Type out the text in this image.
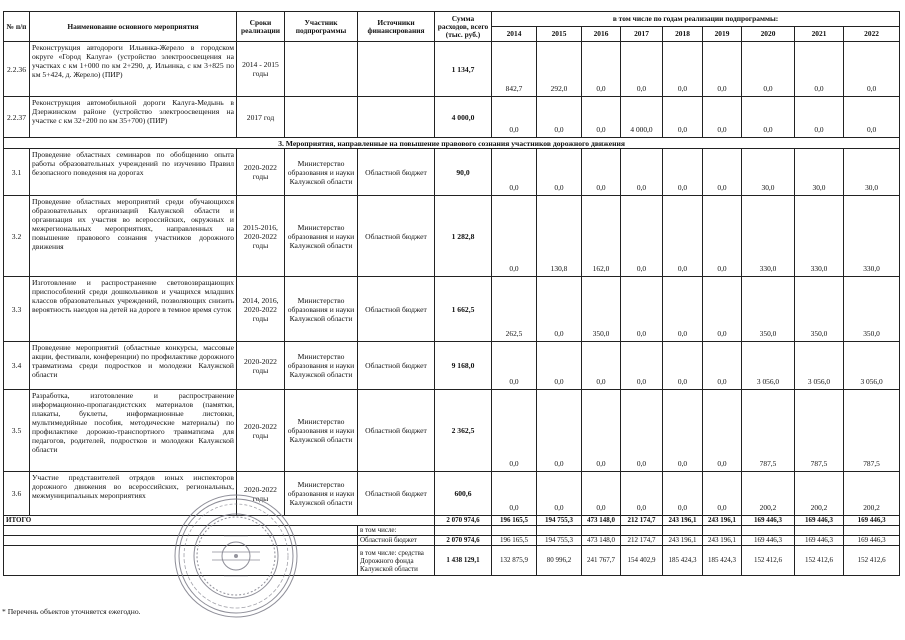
№ п/п	Наименование основного мероприятия	Сроки реализации	Участник подпрограммы	Источники финансирования	Сумма расходов, всего (тыс. руб.)	в том числе по годам реализации подпрограммы:								
						2014	2015	2016	2017	2018	2019	2020	2021	2022
2.2.36	Реконструкция автодороги Ильинка-Жерело в городском округе «Город Калуга» (устройство электроосвещения на участках с км 1+000 по км 2+290, д. Ильинка, с км 3+825 по км 5+424, д. Жерело) (ПИР)	2014 - 2015 годы			1 134,7	842,7	292,0	0,0	0,0	0,0	0,0	0,0	0,0	0,0
2.2.37	Реконструкция автомобильной дороги Калуга-Медынь в Дзержинском районе (устройство электроосвещения на участке с км 32+200 по км 35+700) (ПИР)	2017 год			4 000,0	0,0	0,0	0,0	4 000,0	0,0	0,0	0,0	0,0	0,0
3. Мероприятия, направленные на повышение правового сознания участников дорожного движения														
3.1	Проведение областных семинаров по обобщению опыта работы образовательных учреждений по изучению Правил безопасного поведения на дорогах	2020-2022 годы	Министерство образования и науки Калужской области	Областной бюджет	90,0	0,0	0,0	0,0	0,0	0,0	0,0	30,0	30,0	30,0
3.2	Проведение областных мероприятий среди обучающихся образовательных организаций Калужской области и организация их участия во всероссийских, окружных и межрегиональных мероприятиях, направленных на повышение правового сознания участников дорожного движения	2015-2016, 2020-2022 годы	Министерство образования и науки Калужской области	Областной бюджет	1 282,8	0,0	130,8	162,0	0,0	0,0	0,0	330,0	330,0	330,0
3.3	Изготовление и распространение световозвращающих приспособлений среди дошкольников и учащихся младших классов образовательных учреждений, позволяющих снизить вероятность наездов на детей на дороге в темное время суток	2014, 2016, 2020-2022 годы	Министерство образования и науки Калужской области	Областной бюджет	1 662,5	262,5	0,0	350,0	0,0	0,0	0,0	350,0	350,0	350,0
3.4	Проведение мероприятий (областные конкурсы, массовые акции, фестивали, конференции) по профилактике дорожного травматизма среди подростков и молодежи Калужской области	2020-2022 годы	Министерство образования и науки Калужской области	Областной бюджет	9 168,0	0,0	0,0	0,0	0,0	0,0	0,0	3 056,0	3 056,0	3 056,0
3.5	Разработка, изготовление и распространение информационно-пропагандистских материалов (памятки, плакаты, буклеты, информационные листовки, мультимедийные пособия, методические материалы) по профилактике дорожно-транспортного травматизма для педагогов, родителей, подростков и молодежи Калужской области	2020-2022 годы	Министерство образования и науки Калужской области	Областной бюджет	2 362,5	0,0	0,0	0,0	0,0	0,0	0,0	787,5	787,5	787,5
3.6	Участие представителей отрядов юных инспекторов дорожного движения во всероссийских, региональных, межмуниципальных мероприятиях	2020-2022 годы	Министерство образования и науки Калужской области	Областной бюджет	600,6	0,0	0,0	0,0	0,0	0,0	0,0	200,2	200,2	200,2
ИТОГО					2 070 974,6	196 165,5	194 755,3	473 148,0	212 174,7	243 196,1	243 196,1	169 446,3	169 446,3	169 446,3
				в том числе:										
				Областной бюджет	2 070 974,6	196 165,5	194 755,3	473 148,0	212 174,7	243 196,1	243 196,1	169 446,3	169 446,3	169 446,3
				в том числе: средства Дорожного фонда Калужской области	1 438 129,1	132 875,9	80 996,2	241 767,7	154 402,9	185 424,3	185 424,3	152 412,6	152 412,6	152 412,6
* Перечень объектов уточняется ежегодно.
